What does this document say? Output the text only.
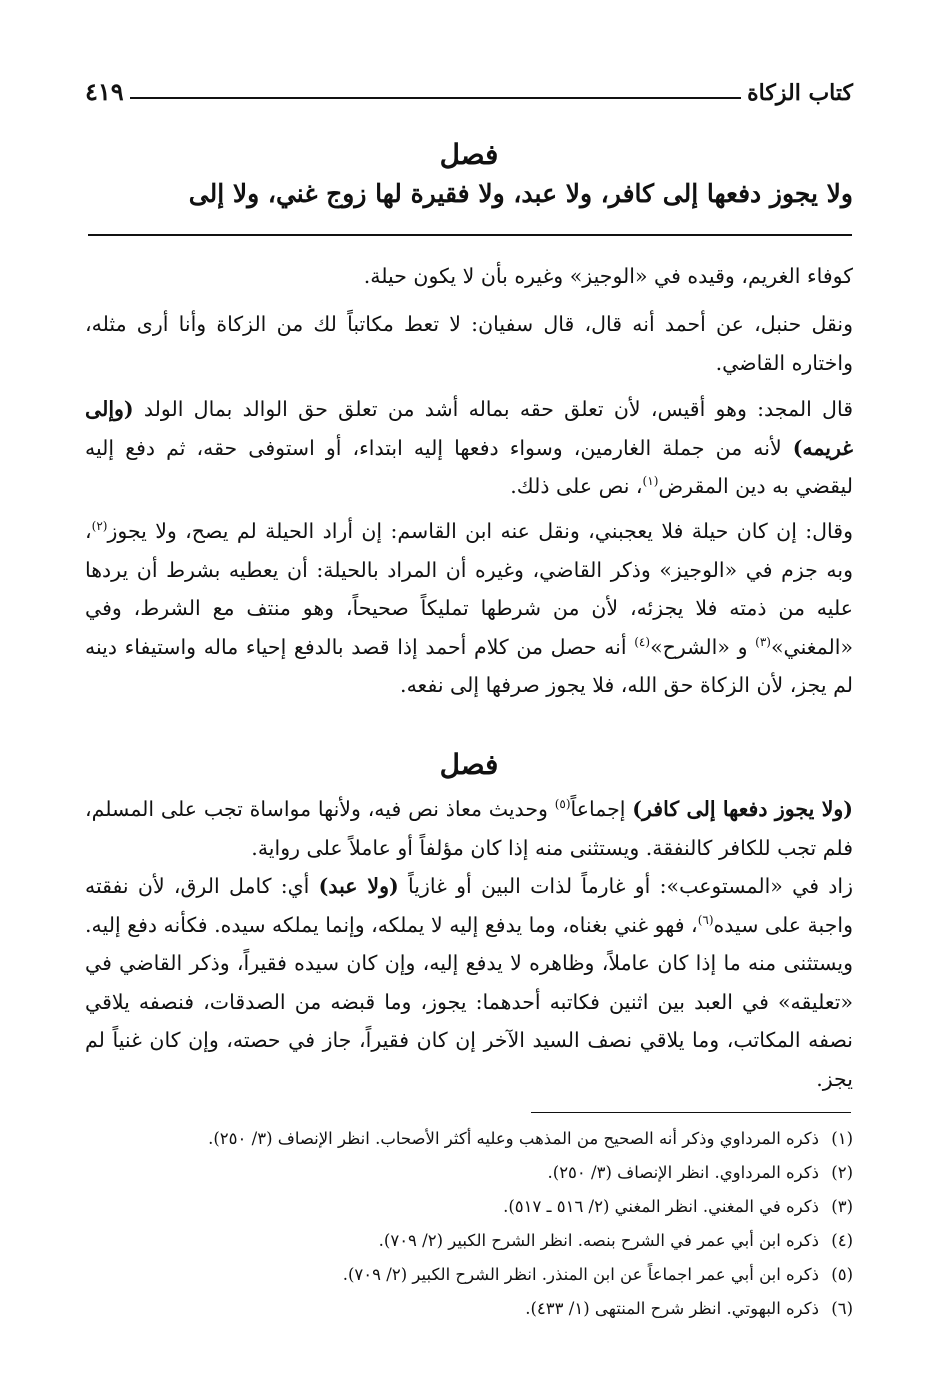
كتاب الزكاة
٤١٩
فصل
ولا يجوز دفعها إلى كافر، ولا عبد، ولا فقيرة لها زوج غني، ولا إلى

كوفاء الغريم، وقيده في «الوجيز» وغيره بأن لا يكون حيلة.

ونقل حنبل، عن أحمد أنه قال، قال سفيان: لا تعط مكاتباً لك من الزكاة وأنا أرى مثله، واختاره القاضي.

قال المجد: وهو أقيس، لأن تعلق حقه بماله أشد من تعلق حق الوالد بمال الولد (وإلى غريمه) لأنه من جملة الغارمين، وسواء دفعها إليه ابتداء، أو استوفى حقه، ثم دفع إليه ليقضي به دين المقرض$^{(١)}$، نص على ذلك.

وقال: إن كان حيلة فلا يعجبني، ونقل عنه ابن القاسم: إن أراد الحيلة لم يصح، ولا يجوز$^{(٢)}$، وبه جزم في «الوجيز» وذكر القاضي، وغيره أن المراد بالحيلة: أن يعطيه بشرط أن يردها عليه من ذمته فلا يجزئه، لأن من شرطها تمليكاً صحيحاً، وهو منتف مع الشرط، وفي «المغني»$^{(٣)}$ و «الشرح»$^{(٤)}$ أنه حصل من كلام أحمد إذا قصد بالدفع إحياء ماله واستيفاء دينه لم يجز، لأن الزكاة حق الله، فلا يجوز صرفها إلى نفعه.

فصل

(ولا يجوز دفعها إلى كافر) إجماعاً$^{(٥)}$ وحديث معاذ نص فيه، ولأنها مواساة تجب على المسلم، فلم تجب للكافر كالنفقة. ويستثنى منه إذا كان مؤلفاً أو عاملاً على رواية.

زاد في «المستوعب»: أو غارماً لذات البين أو غازياً (ولا عبد) أي: كامل الرق، لأن نفقته واجبة على سيده$^{(٦)}$، فهو غني بغناه، وما يدفع إليه لا يملكه، وإنما يملكه سيده. فكأنه دفع إليه. ويستثنى منه ما إذا كان عاملاً، وظاهره لا يدفع إليه، وإن كان سيده فقيراً، وذكر القاضي في «تعليقه» في العبد بين اثنين فكاتبه أحدهما: يجوز، وما قبضه من الصدقات، فنصفه يلاقي نصفه المكاتب، وما يلاقي نصف السيد الآخر إن كان فقيراً، جاز في حصته، وإن كان غنياً لم يجز.

(١)ذكره المرداوي وذكر أنه الصحيح من المذهب وعليه أكثر الأصحاب. انظر الإنصاف (٣/ ٢٥٠).
(٢)ذكره المرداوي. انظر الإنصاف (٣/ ٢٥٠).
(٣)ذكره في المغني. انظر المغني (٢/ ٥١٦ ـ ٥١٧).
(٤)ذكره ابن أبي عمر في الشرح بنصه. انظر الشرح الكبير (٢/ ٧٠٩).
(٥)ذكره ابن أبي عمر اجماعاً عن ابن المنذر. انظر الشرح الكبير (٢/ ٧٠٩).
(٦)ذكره البهوتي. انظر شرح المنتهى (١/ ٤٣٣).
